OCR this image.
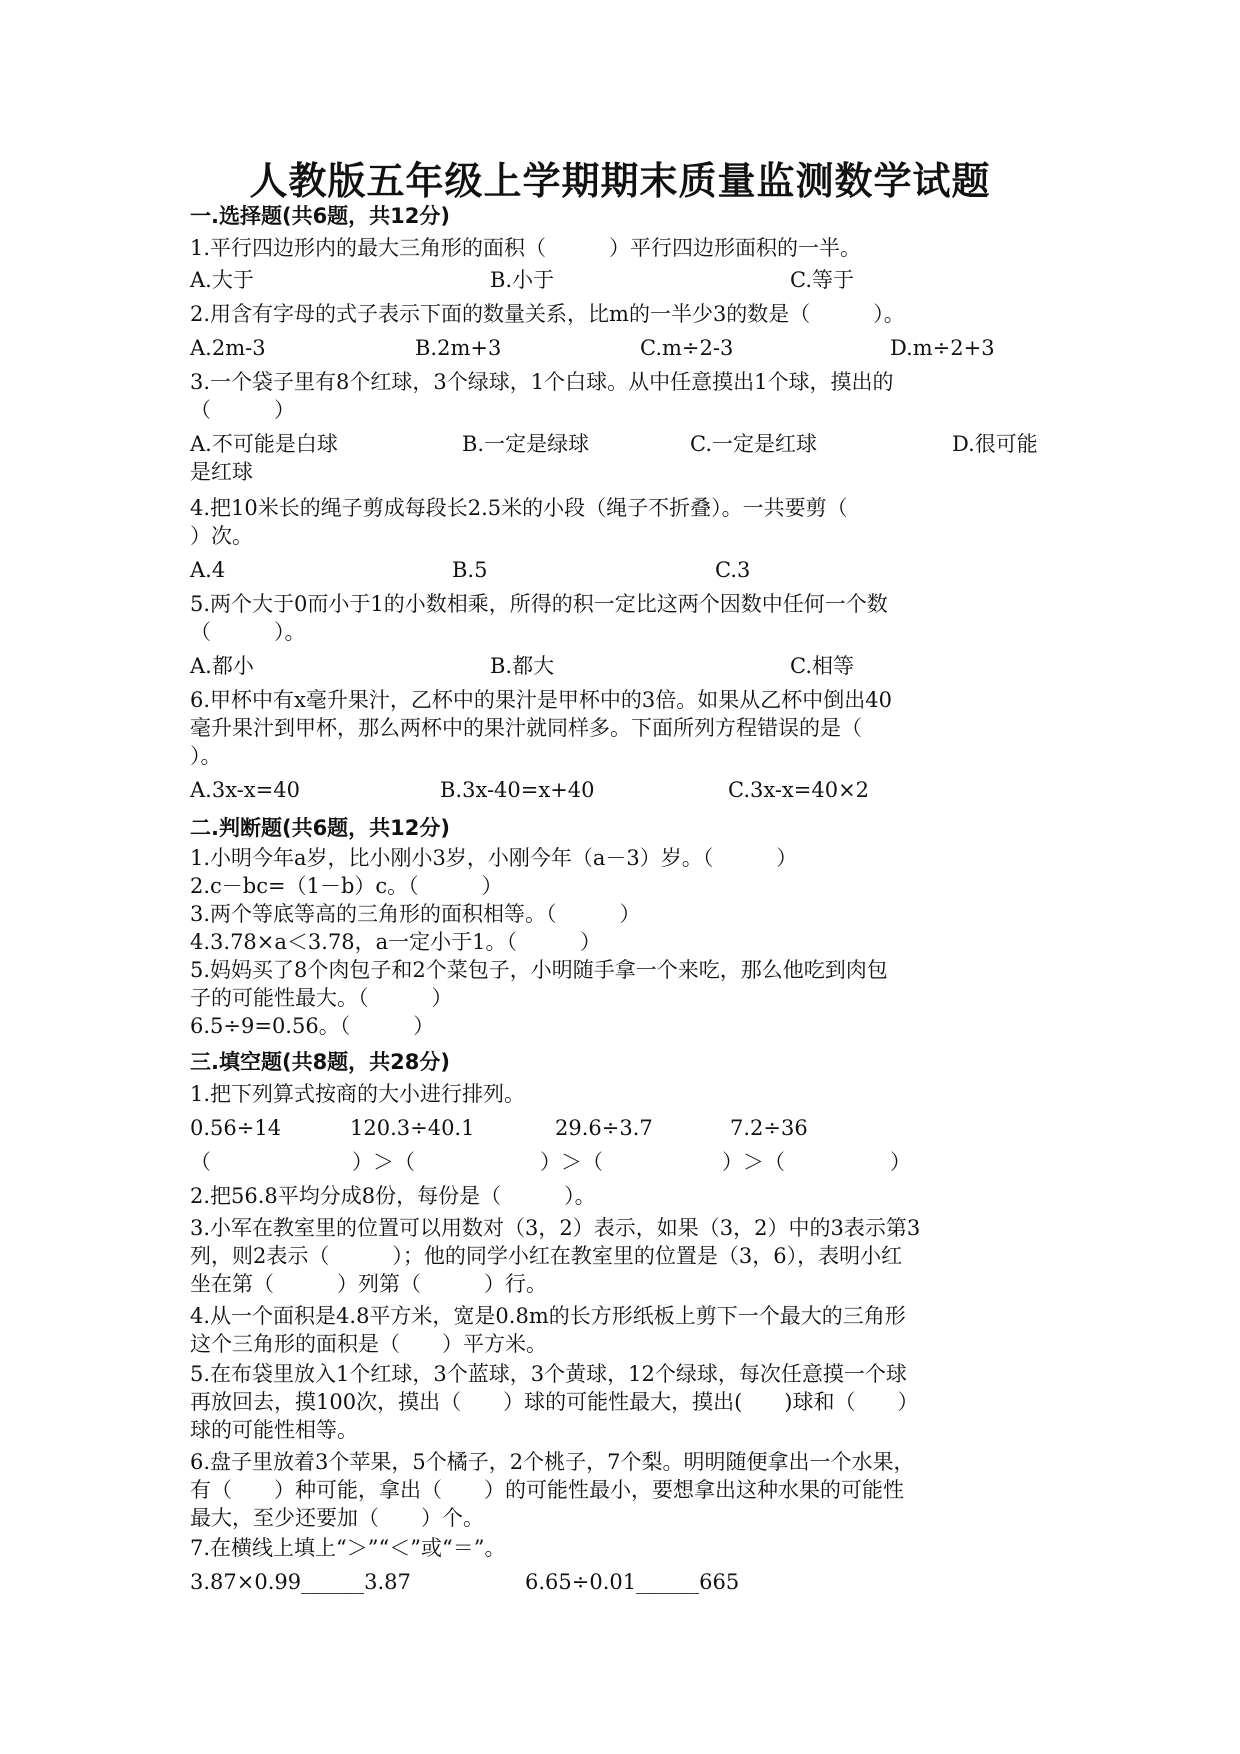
人教版五年级上学期期末质量监测数学试题
一.选择题(共6题，共12分)
1.平行四边形内的最大三角形的面积（　　　）平行四边形面积的一半。
A.大于	B.小于	C.等于
2.用含有字母的式子表示下面的数量关系，比m的一半少3的数是（　　　）。
A.2m-3	B.2m+3	C.m÷2-3	D.m÷2+3
3.一个袋子里有8个红球，3个绿球，1个白球。从中任意摸出1个球，摸出的
（　　　）
A.不可能是白球	B.一定是绿球	C.一定是红球	D.很可能
是红球
4.把10米长的绳子剪成每段长2.5米的小段（绳子不折叠）。一共要剪（
）次。
A.4	B.5	C.3
5.两个大于0而小于1的小数相乘，所得的积一定比这两个因数中任何一个数
（　　　）。
A.都小	B.都大	C.相等
6.甲杯中有x毫升果汁，乙杯中的果汁是甲杯中的3倍。如果从乙杯中倒出40
毫升果汁到甲杯，那么两杯中的果汁就同样多。下面所列方程错误的是（
）。
A.3x-x=40	B.3x-40=x+40	C.3x-x=40×2
二.判断题(共6题，共12分)
1.小明今年a岁，比小刚小3岁，小刚今年（a－3）岁。（　　　）
2.c－bc=（1－b）c。（　　　）
3.两个等底等高的三角形的面积相等。（　　　）
4.3.78×a＜3.78，a一定小于1。（　　　）
5.妈妈买了8个肉包子和2个菜包子，小明随手拿一个来吃，那么他吃到肉包
子的可能性最大。（　　　）
6.5÷9=0.56。（　　　）
三.填空题(共8题，共28分)
1.把下列算式按商的大小进行排列。
0.56÷14	120.3÷40.1	29.6÷3.7	7.2÷36
（	）＞（	）＞（	）＞（	）
2.把56.8平均分成8份，每份是（　　　）。
3.小军在教室里的位置可以用数对（3，2）表示，如果（3，2）中的3表示第3
列，则2表示（　　　）；他的同学小红在教室里的位置是（3，6），表明小红
坐在第（　　　）列第（　　　）行。
4.从一个面积是4.8平方米，宽是0.8m的长方形纸板上剪下一个最大的三角形
这个三角形的面积是（　　）平方米。
5.在布袋里放入1个红球，3个蓝球，3个黄球，12个绿球，每次任意摸一个球
再放回去，摸100次，摸出（　　）球的可能性最大，摸出(　　)球和（　　）
球的可能性相等。
6.盘子里放着3个苹果，5个橘子，2个桃子，7个梨。明明随便拿出一个水果，
有（　　）种可能，拿出（　　）的可能性最小，要想拿出这种水果的可能性
最大，至少还要加（　　）个。
7.在横线上填上“＞”“＜”或“＝”。
3.87×0.99______3.87	6.65÷0.01______665
